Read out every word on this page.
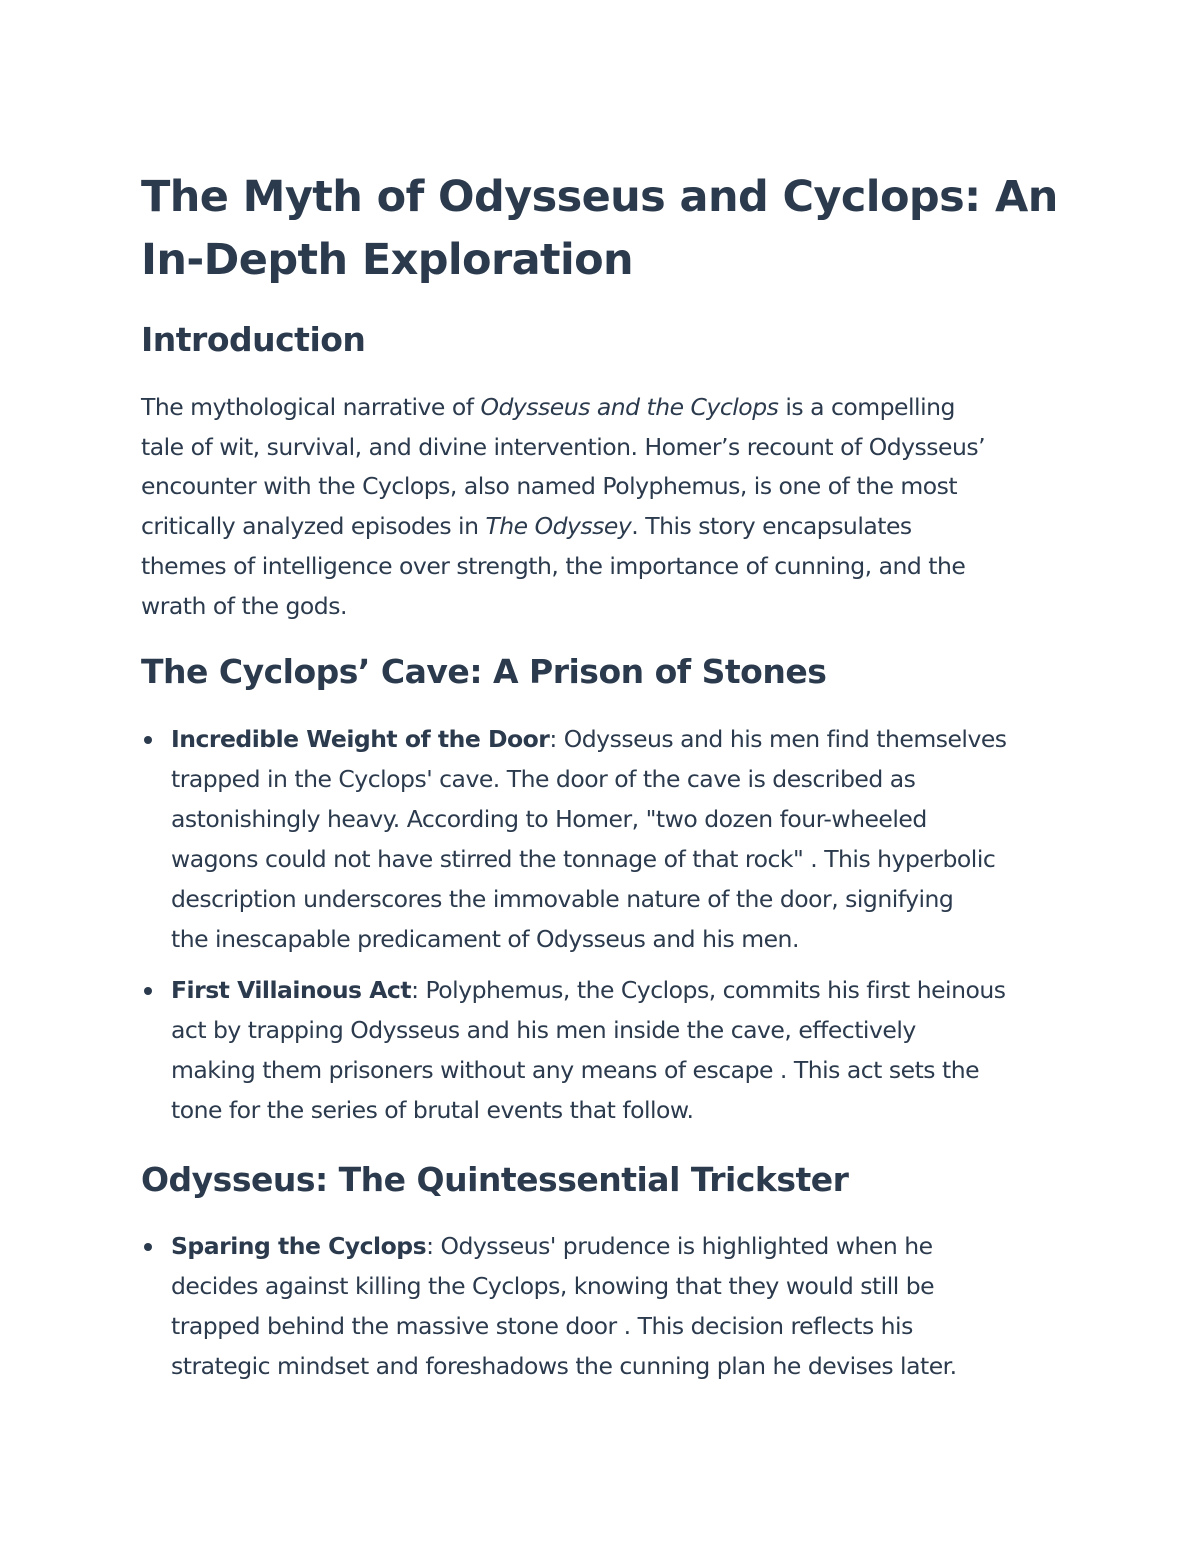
The Myth of Odysseus and Cyclops: An
In-Depth Exploration
Introduction

The mythological narrative of Odysseus and the Cyclops is a compelling
tale of wit, survival, and divine intervention. Homer’s recount of Odysseus’
encounter with the Cyclops, also named Polyphemus, is one of the most
critically analyzed episodes in The Odyssey. This story encapsulates
themes of intelligence over strength, the importance of cunning, and the
wrath of the gods.

The Cyclops’ Cave: A Prison of Stones
Incredible Weight of the Door: Odysseus and his men find themselves
trapped in the Cyclops' cave. The door of the cave is described as
astonishingly heavy. According to Homer, "two dozen four-wheeled
wagons could not have stirred the tonnage of that rock" . This hyperbolic
description underscores the immovable nature of the door, signifying
the inescapable predicament of Odysseus and his men.
First Villainous Act: Polyphemus, the Cyclops, commits his first heinous
act by trapping Odysseus and his men inside the cave, effectively
making them prisoners without any means of escape . This act sets the
tone for the series of brutal events that follow.
Odysseus: The Quintessential Trickster
Sparing the Cyclops: Odysseus' prudence is highlighted when he
decides against killing the Cyclops, knowing that they would still be
trapped behind the massive stone door . This decision reflects his
strategic mindset and foreshadows the cunning plan he devises later.
